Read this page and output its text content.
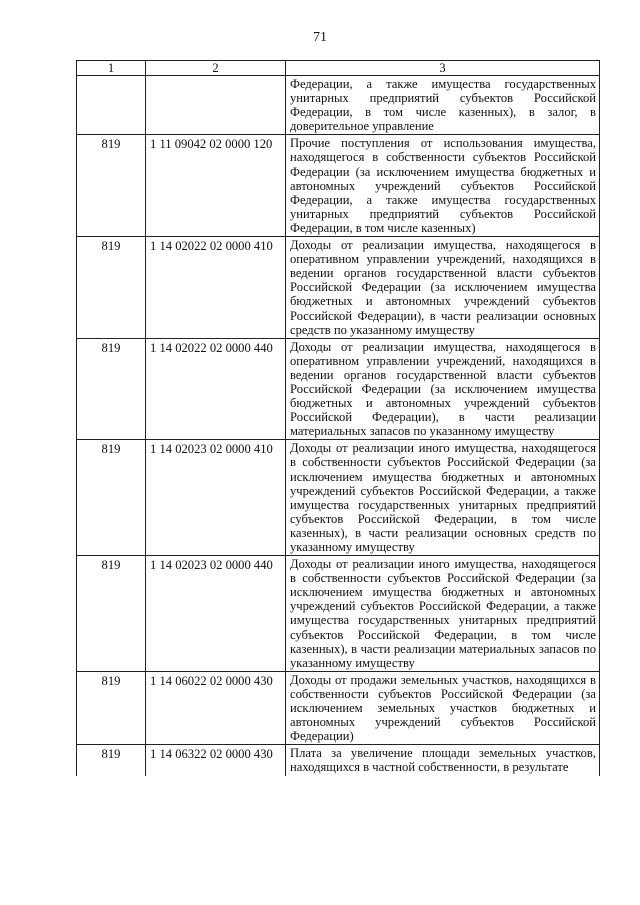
71
1	2	3
		Федерации, а также имущества государственных унитарных предприятий субъектов Российской Федерации, в том числе казенных), в залог, в доверительное управление
819	1 11 09042 02 0000 120	Прочие поступления от использования имущества, находящегося в собственности субъектов Российской Федерации (за исключением имущества бюджетных и автономных учреждений субъектов Российской Федерации, а также имущества государственных унитарных предприятий субъектов Российской Федерации, в том числе казенных)
819	1 14 02022 02 0000 410	Доходы от реализации имущества, находящегося в оперативном управлении учреждений, находящихся в ведении органов государственной власти субъектов Российской Федерации (за исключением имущества бюджетных и автономных учреждений субъектов Российской Федерации), в части реализации основных средств по указанному имуществу
819	1 14 02022 02 0000 440	Доходы от реализации имущества, находящегося в оперативном управлении учреждений, находящихся в ведении органов государственной власти субъектов Российской Федерации (за исключением имущества бюджетных и автономных учреждений субъектов Российской Федерации), в части реализации материальных запасов по указанному имуществу
819	1 14 02023 02 0000 410	Доходы от реализации иного имущества, находящегося в собственности субъектов Российской Федерации (за исключением имущества бюджетных и автономных учреждений субъектов Российской Федерации, а также имущества государственных унитарных предприятий субъектов Российской Федерации, в том числе казенных), в части реализации основных средств по указанному имуществу
819	1 14 02023 02 0000 440	Доходы от реализации иного имущества, находящегося в собственности субъектов Российской Федерации (за исключением имущества бюджетных и автономных учреждений субъектов Российской Федерации, а также имущества государственных унитарных предприятий субъектов Российской Федерации, в том числе казенных), в части реализации материальных запасов по указанному имуществу
819	1 14 06022 02 0000 430	Доходы от продажи земельных участков, находящихся в собственности субъектов Российской Федерации (за исключением земельных участков бюджетных и автономных учреждений субъектов Российской Федерации)
819	1 14 06322 02 0000 430	Плата за увеличение площади земельных участков, находящихся в частной собственности, в результате
